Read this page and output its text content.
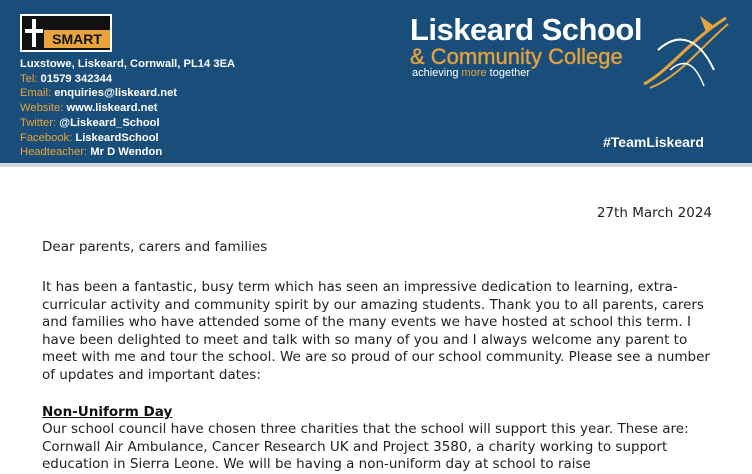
SMART
Luxstowe, Liskeard, Cornwall, PL14 3EA
Tel: 01579 342344
Email: enquiries@liskeard.net
Website: www.liskeard.net
Twitter: @Liskeard_School
Facebook: LiskeardSchool
Headteacher: Mr D Wendon
Liskeard School
& Community College
achieving more together
#TeamLiskeard
27th March 2024
Dear parents, carers and families

It has been a fantastic, busy term which has seen an impressive dedication to learning, extra-curricular activity and community spirit by our amazing students. Thank you to all parents, carers and families who have attended some of the many events we have hosted at school this term. I have been delighted to meet and talk with so many of you and I always welcome any parent to meet with me and tour the school. We are so proud of our school community. Please see a number of updates and important dates:

Non-Uniform Day

Our school council have chosen three charities that the school will support this year. These are: Cornwall Air Ambulance, Cancer Research UK and Project 3580, a charity working to support education in Sierra Leone. We will be having a non-uniform day at school to raise
